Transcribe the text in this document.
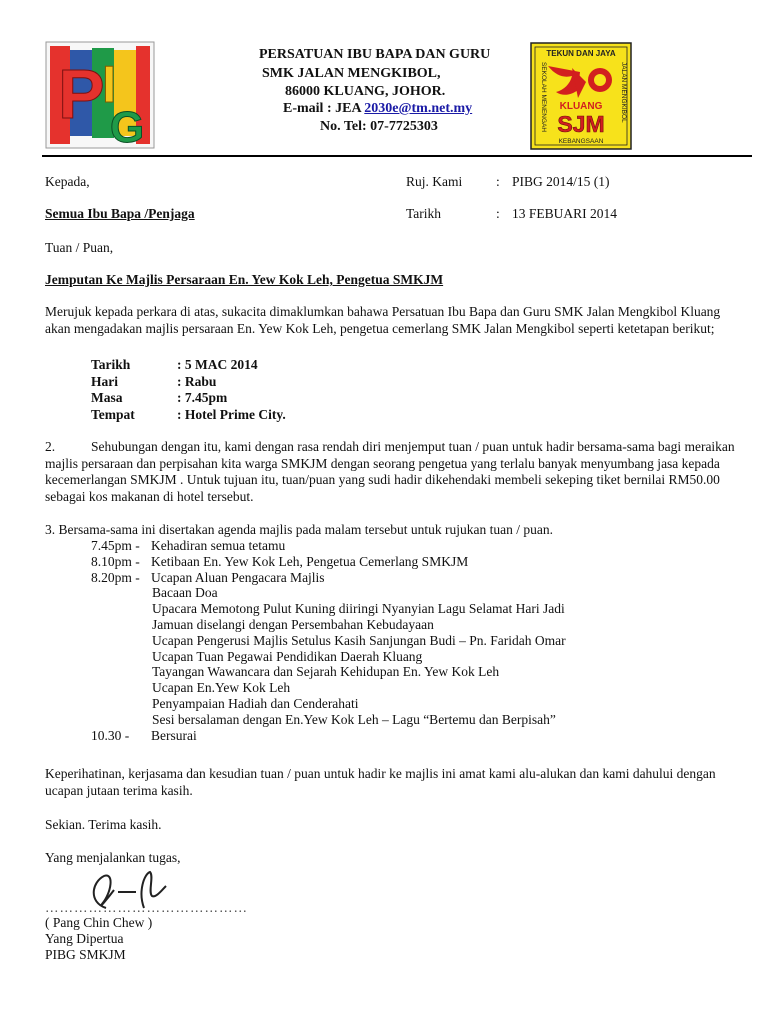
P
I
G
PERSATUAN IBU BAPA DAN GURU
SMK JALAN MENGKIBOL,
86000 KLUANG, JOHOR.
E-mail : JEA 2030e@tm.net.my
No. Tel: 07-7725303
TEKUN DAN JAYA
SEKOLAH MENENGAH	JALAN MENGKIBOL
KLUANG
SJM
KEBANGSAAN
Kepada,	Ruj. Kami	: PIBG 2014/15 (1)
Semua Ibu Bapa /Penjaga	Tarikh	: 13 FEBUARI 2014
Tuan / Puan,
Jemputan Ke Majlis Persaraan En. Yew Kok Leh, Pengetua SMKJM
Merujuk kepada perkara di atas, sukacita dimaklumkan bahawa Persatuan Ibu Bapa dan Guru SMK Jalan Mengkibol Kluang akan mengadakan majlis persaraan En. Yew Kok Leh, pengetua cemerlang SMK Jalan Mengkibol seperti ketetapan berikut;
Tarikh	: 5 MAC 2014
Hari	: Rabu
Masa	: 7.45pm
Tempat	: Hotel Prime City.
2.	Sehubungan dengan itu, kami dengan rasa rendah diri menjemput tuan / puan untuk hadir bersama-sama bagi meraikan majlis persaraan dan perpisahan kita warga SMKJM dengan seorang pengetua yang terlalu banyak menyumbang jasa kepada kecemerlangan SMKJM . Untuk tujuan itu, tuan/puan yang sudi hadir dikehendaki membeli sekeping tiket bernilai RM50.00 sebagai kos makanan di hotel tersebut.
3. Bersama-sama ini disertakan agenda majlis pada malam tersebut untuk rujukan tuan / puan.
7.45pm - Kehadiran semua tetamu
8.10pm - Ketibaan En. Yew Kok Leh, Pengetua Cemerlang SMKJM
8.20pm - Ucapan Aluan Pengacara Majlis
Bacaan Doa
Upacara Memotong Pulut Kuning diiringi Nyanyian Lagu Selamat Hari Jadi
Jamuan diselangi dengan Persembahan Kebudayaan
Ucapan Pengerusi Majlis Setulus Kasih Sanjungan Budi – Pn. Faridah Omar
Ucapan Tuan Pegawai Pendidikan Daerah Kluang
Tayangan Wawancara dan Sejarah Kehidupan En. Yew Kok Leh
Ucapan En.Yew Kok Leh
Penyampaian Hadiah dan Cenderahati
Sesi bersalaman dengan En.Yew Kok Leh – Lagu “Bertemu dan Berpisah”
10.30 -	Bersurai
Keperihatinan, kerjasama dan kesudian tuan / puan untuk hadir ke majlis ini amat kami alu-alukan dan kami dahului dengan ucapan jutaan terima kasih.
Sekian. Terima kasih.
Yang menjalankan tugas,
……………………………………
( Pang Chin Chew )
Yang Dipertua
PIBG SMKJM
